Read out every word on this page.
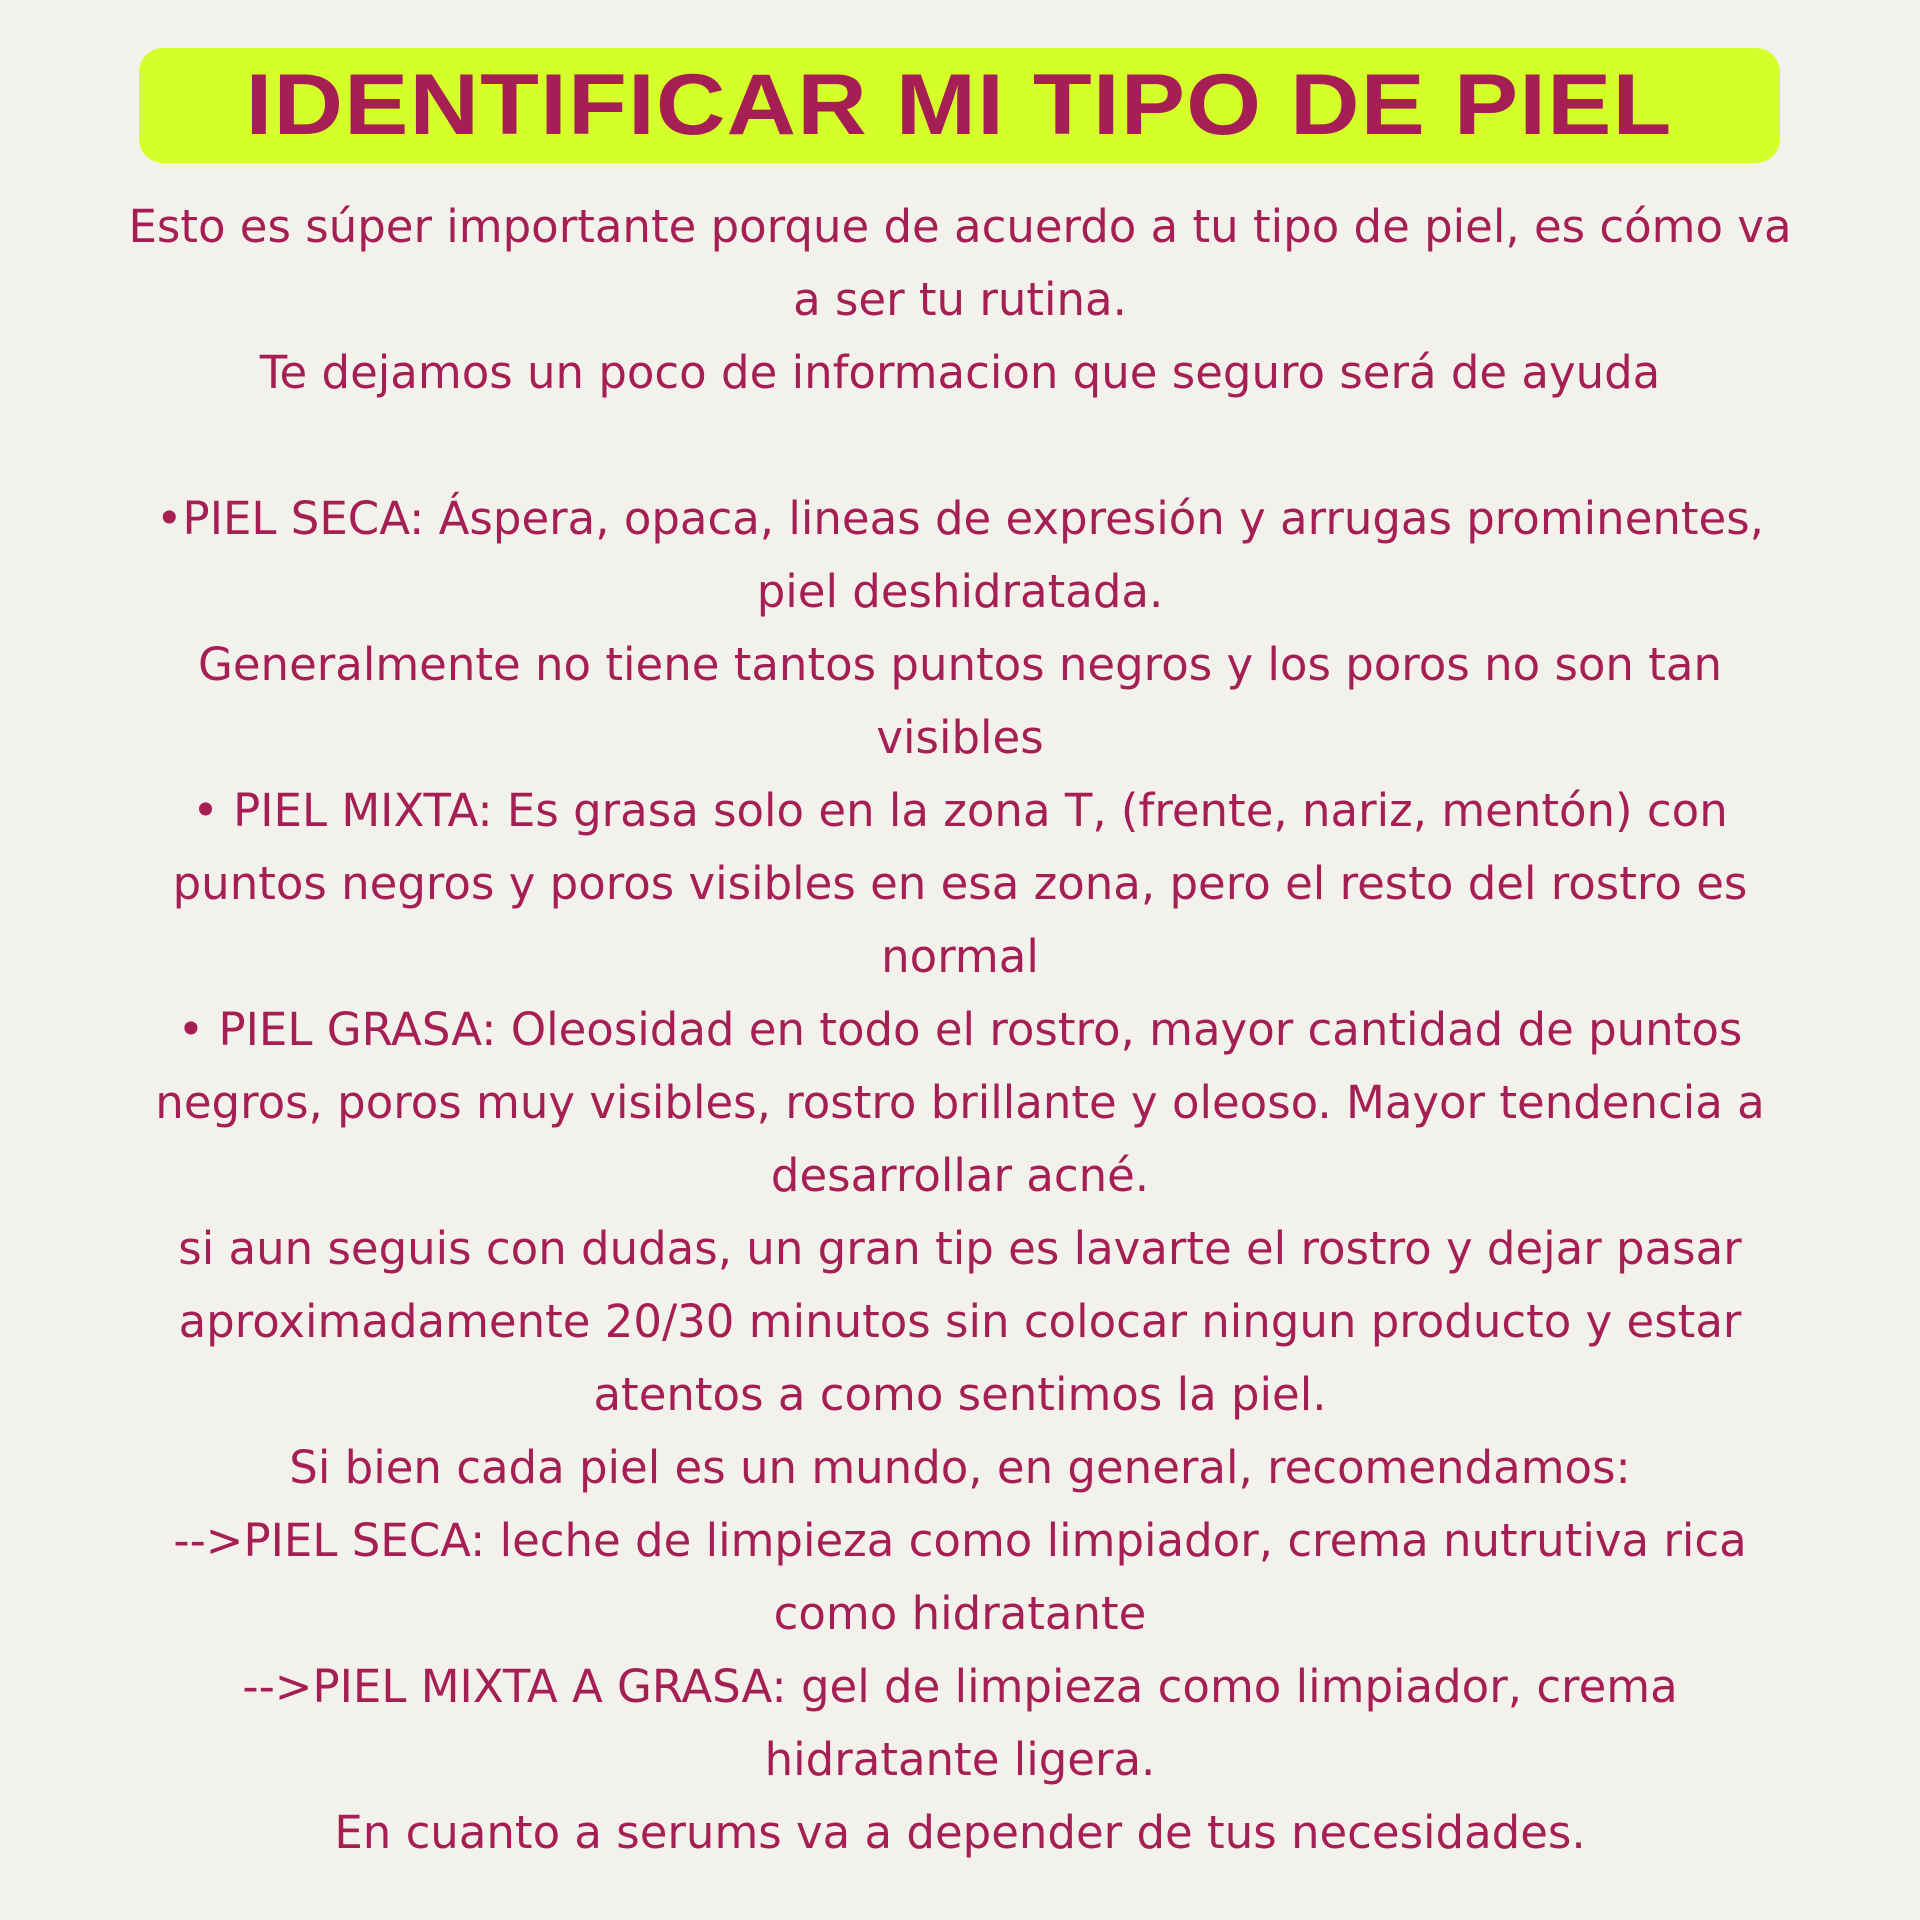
IDENTIFICAR MI TIPO DE PIEL
Esto es súper importante porque de acuerdo a tu tipo de piel, es cómo va
a ser tu rutina.
Te dejamos un poco de informacion que seguro será de ayuda
•PIEL SECA: Áspera, opaca, lineas de expresión y arrugas prominentes,
piel deshidratada.
Generalmente no tiene tantos puntos negros y los poros no son tan
visibles
• PIEL MIXTA: Es grasa solo en la zona T, (frente, nariz, mentón) con
puntos negros y poros visibles en esa zona, pero el resto del rostro es
normal
• PIEL GRASA: Oleosidad en todo el rostro, mayor cantidad de puntos
negros, poros muy visibles, rostro brillante y oleoso. Mayor tendencia a
desarrollar acné.
si aun seguis con dudas, un gran tip es lavarte el rostro y dejar pasar
aproximadamente 20/30 minutos sin colocar ningun producto y estar
atentos a como sentimos la piel.
Si bien cada piel es un mundo, en general, recomendamos:
-->PIEL SECA: leche de limpieza como limpiador, crema nutrutiva rica
como hidratante
-->PIEL MIXTA A GRASA: gel de limpieza como limpiador, crema
hidratante ligera.
En cuanto a serums va a depender de tus necesidades.
